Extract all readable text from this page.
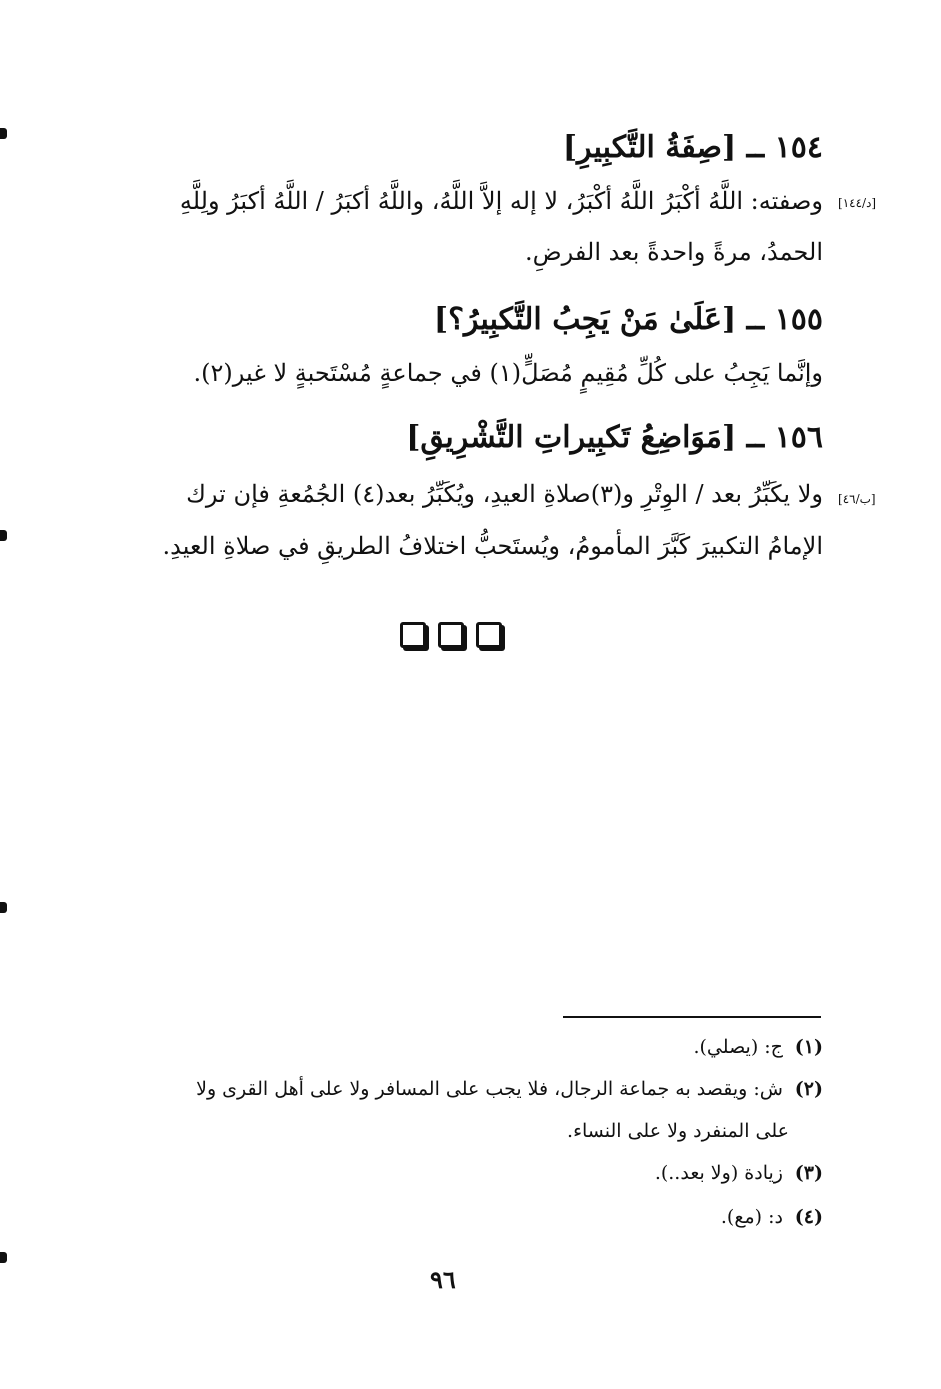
١٥٤ ــ [صِفَةُ التَّكبِيرِ]
[د/١٤٤]
وصفته: اللَّهُ أكْبَرُ اللَّهُ أكْبَرُ، لا إله إلاَّ اللَّهُ، واللَّهُ أكبَرُ / اللَّهُ أكبَرُ ولِلَّهِ
الحمدُ، مرةً واحدةً بعد الفرضِ.
١٥٥ ــ [عَلَىٰ مَنْ يَجِبُ التَّكبِيرُ؟]
وإنَّما يَجِبُ على كُلِّ مُقِيمٍ مُصَلٍّ(١) في جماعةٍ مُسْتَحبةٍ لا غير(٢).
١٥٦ ــ [مَوَاضِعُ تَكبِيراتِ التَّشْرِيقِ]
[ب/٤٦]
ولا يكَبِّرُ بعد / الوِتْرِ و(٣)صلاةِ العيدِ، ويُكَبِّرُ بعد(٤) الجُمُعةِ فإن ترك
الإمامُ التكبيرَ كَبَّرَ المأمومُ، ويُستَحبُّ اختلافُ الطريقِ في صلاةِ العيدِ.
(١) ج: (يصلي).
(٢) ش: ويقصد به جماعة الرجال، فلا يجب على المسافر ولا على أهل القرى ولا
على المنفرد ولا على النساء.
(٣) زيادة (ولا بعد..).
(٤) د: (مع).
٩٦
